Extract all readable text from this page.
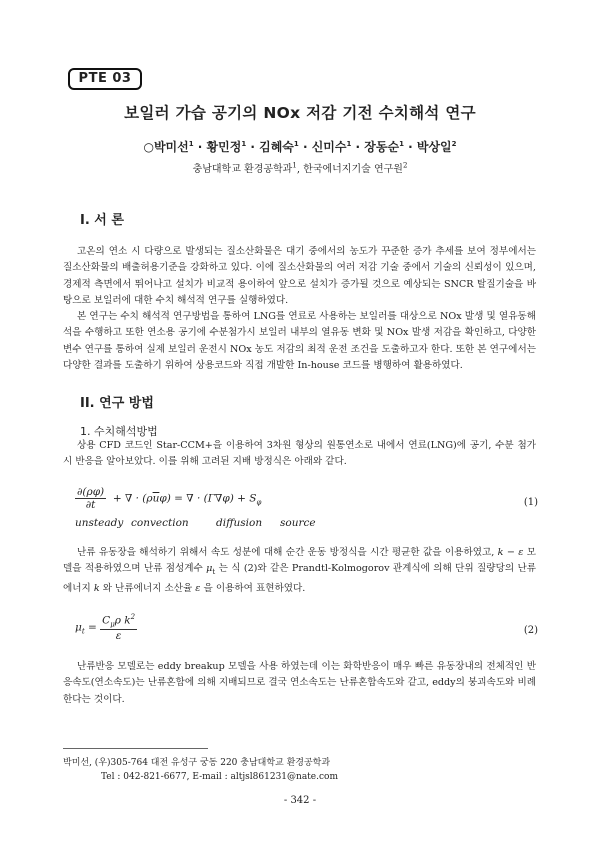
PTE 03
보일러 가습 공기의 NOx 저감 기전 수치해석 연구
○박미선$^1$ · 황민정$^1$ · 김혜숙$^1$ · 신미수$^1$ · 장동순$^1$ · 박상일$^2$
충남대학교 환경공학과$^1$, 한국에너지기술 연구원$^2$
I. 서 론

고온의 연소 시 다량으로 발생되는 질소산화물은 대기 중에서의 농도가 꾸준한 증가 추세를 보여 정부에서는 질소산화물의 배출허용기준을 강화하고 있다. 이에 질소산화물의 여러 저감 기술 중에서 기술의 신뢰성이 있으며, 경제적 측면에서 뛰어나고 설치가 비교적 용이하여 앞으로 설치가 증가될 것으로 예상되는 SNCR 탈질기술을 바탕으로 보일러에 대한 수치 해석적 연구를 실행하였다.

본 연구는 수치 해석적 연구방법을 통하여 LNG를 연료로 사용하는 보일러를 대상으로 NOx 발생 및 열유동해석을 수행하고 또한 연소용 공기에 수분첨가시 보일러 내부의 열유동 변화 및 NOx 발생 저감을 확인하고, 다양한 변수 연구를 통하여 실제 보일러 운전시 NOx 농도 저감의 최적 운전 조건을 도출하고자 한다. 또한 본 연구에서는 다양한 결과를 도출하기 위하여 상용코드와 직접 개발한 In-house 코드를 병행하여 활용하였다.

II. 연구 방법
1. 수치해석방법

상용 CFD 코드인 Star-CCM+을 이용하여 3차원 형상의 원통연소로 내에서 연료(LNG)에 공기, 수분 첨가 시 반응을 알아보았다. 이를 위해 고려된 지배 방정식은 아래와 같다.

$\frac{\partial(\rho\varphi)}{\partial t}$ + ∇ · $(\rho\overline{u}\varphi)$ = ∇ · $(\Gamma\nabla\varphi) + S_\varphi$	(1)
unsteady convection	diffusion source

난류 유동장을 해석하기 위해서 속도 성분에 대해 순간 운동 방정식을 시간 평균한 값을 이용하였고, k − ε 모델을 적용하였으며 난류 점성계수 $\mu_t$ 는 식 (2)와 같은 Prandtl-Kolmogorov 관계식에 의해 단위 질량당의 난류에너지 k 와 난류에너지 소산율 ε 을 이용하여 표현하였다.

$\mu_t = \frac{C_\mu\rho k^2}{\varepsilon}$	(2)

난류반응 모델로는 eddy breakup 모델을 사용 하였는데 이는 화학반응이 매우 빠른 유동장내의 전체적인 반응속도(연소속도)는 난류혼합에 의해 지배되므로 결국 연소속도는 난류혼합속도와 같고, eddy의 붕괴속도와 비례한다는 것이다.

박미선, (우)305-764 대전 유성구 궁동 220 충남대학교 환경공학과
Tel : 042-821-6677, E-mail : altjsl861231@nate.com
- 342 -
